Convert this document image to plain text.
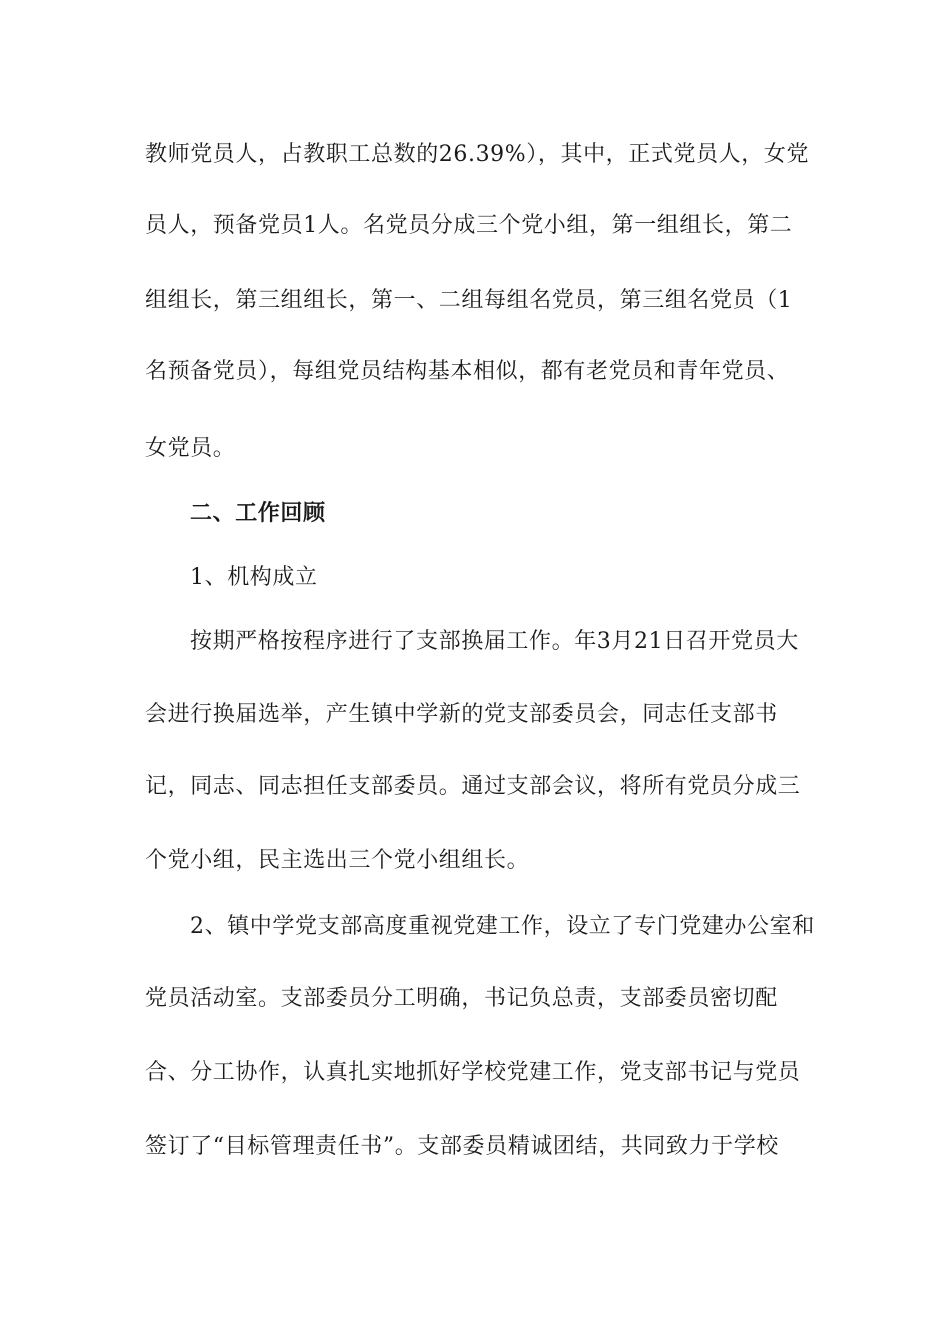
教师党员人，占教职工总数的26.39%），其中，正式党员人，女党
员人，预备党员1人。名党员分成三个党小组，第一组组长，第二
组组长，第三组组长，第一、二组每组名党员，第三组名党员（1
名预备党员），每组党员结构基本相似，都有老党员和青年党员、
女党员。
二、工作回顾
1、机构成立
按期严格按程序进行了支部换届工作。年3月21日召开党员大
会进行换届选举，产生镇中学新的党支部委员会，同志任支部书
记，同志、同志担任支部委员。通过支部会议，将所有党员分成三
个党小组，民主选出三个党小组组长。
2、镇中学党支部高度重视党建工作，设立了专门党建办公室和
党员活动室。支部委员分工明确，书记负总责，支部委员密切配
合、分工协作，认真扎实地抓好学校党建工作，党支部书记与党员
签订了“目标管理责任书”。支部委员精诚团结，共同致力于学校
